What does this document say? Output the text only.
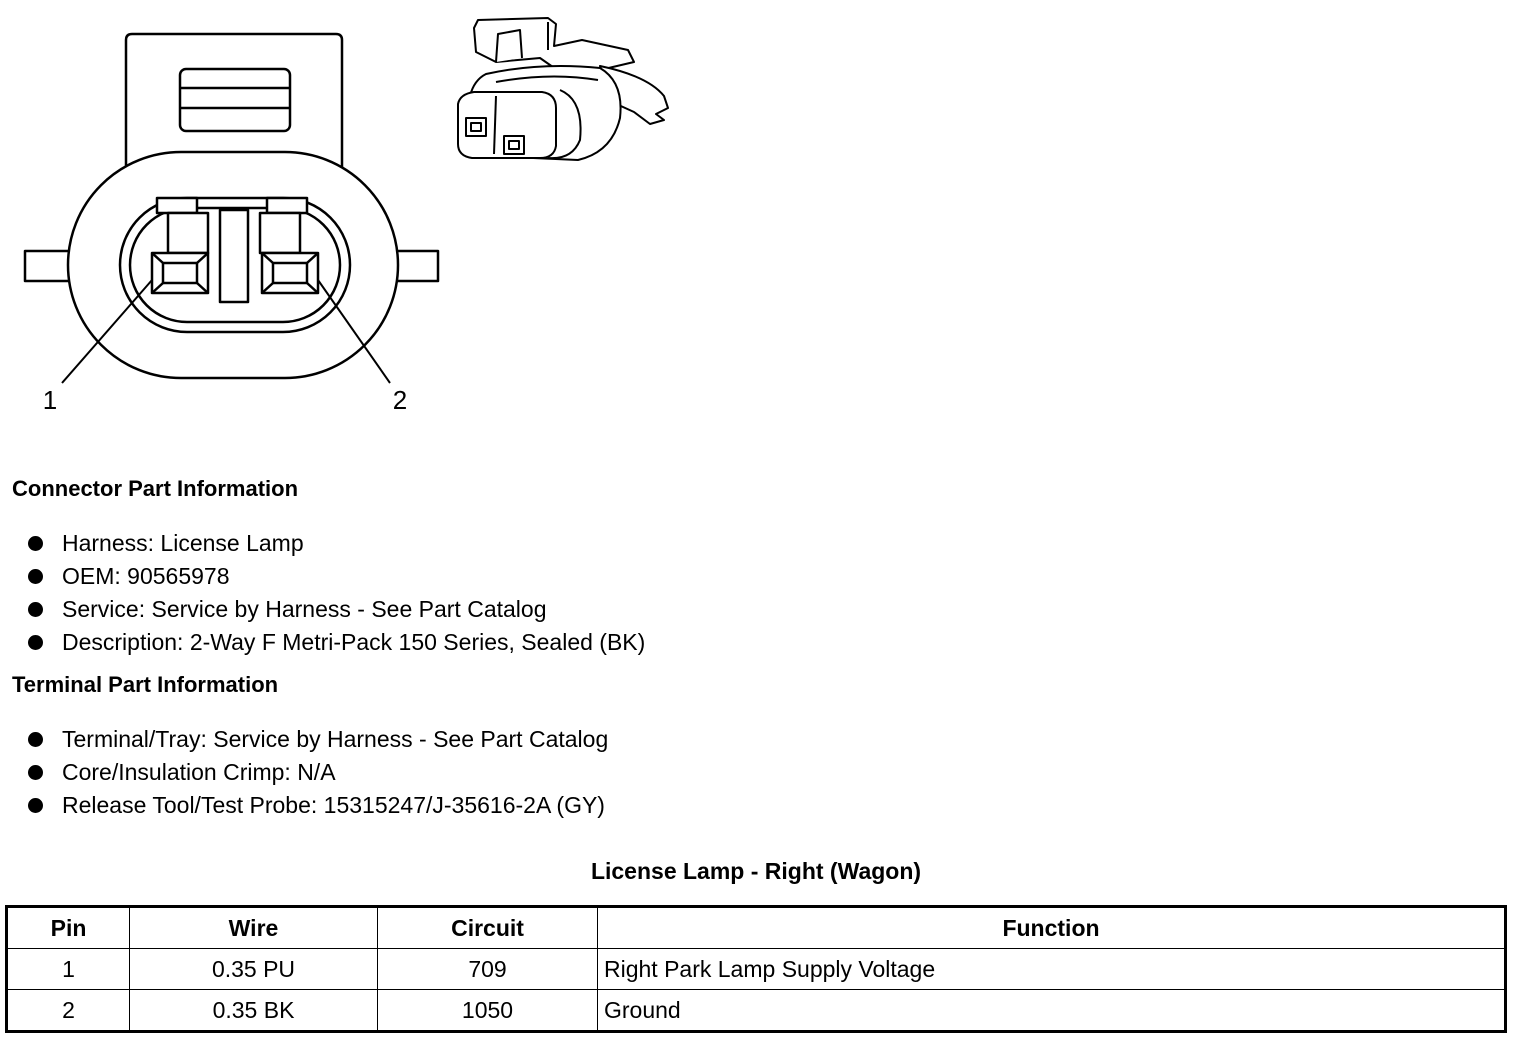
1	2
Connector Part Information
Harness: License Lamp
OEM: 90565978
Service: Service by Harness - See Part Catalog
Description: 2-Way F Metri-Pack 150 Series, Sealed (BK)
Terminal Part Information
Terminal/Tray: Service by Harness - See Part Catalog
Core/Insulation Crimp: N/A
Release Tool/Test Probe: 15315247/J-35616-2A (GY)
License Lamp - Right (Wagon)
Pin	Wire	Circuit	Function
1	0.35 PU	709	Right Park Lamp Supply Voltage
2	0.35 BK	1050	Ground
